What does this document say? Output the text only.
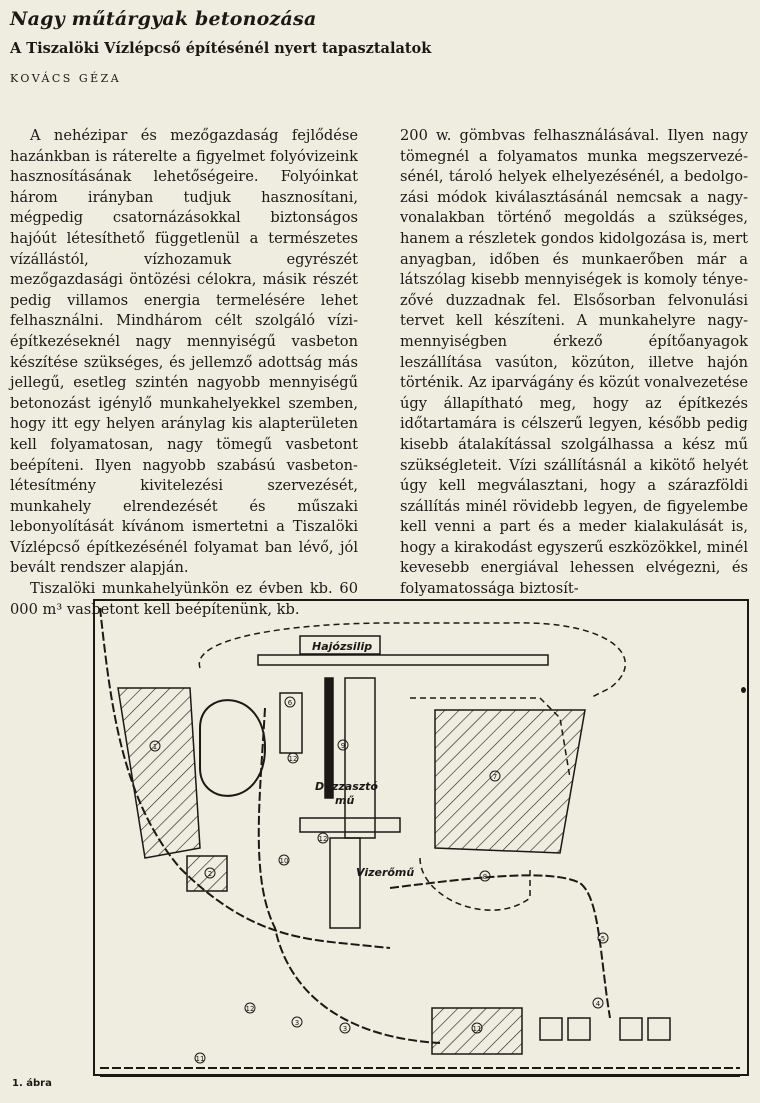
Nagy műtárgyak betonozása
A Tiszalöki Vízlépcső építésénél nyert tapasztalatok

KOVÁCS GÉZA

A nehézipar és mezőgazdaság fejlődése hazánkban is ráterelte a figyelmet folyóvizeink hasznosításának lehetőségeire. Folyóinkat három irányban tudjuk hasznosítani, mégpedig csatornázásokkal biztonságos hajóút létesíthető függetlenül a természetes vízállástól, vízhozamuk egyrészét mezőgazdasági öntözési célokra, másik részét pedig villamos energia termelésére lehet felhasználni. Mindhárom célt szolgáló víziépítkezéseknél nagy mennyiségű vasbeton készítése szükséges, és jellemző adottság más jellegű, esetleg szintén nagyobb mennyiségű betonozást igénylő munkahelyekkel szemben, hogy itt egy helyen aránylag kis alapterületen kell folyamatosan, nagy tömegű vasbetont beépíteni. Ilyen nagyobb szabású vasbeton-létesítmény kivitelezési szervezését, munkahely elrendezését és műszaki lebonyolítását kívánom ismertetni a Tiszalöki Vízlépcső építkezésénél folyamat ban lévő, jól bevált rendszer alapján.

Tiszalöki munkahelyünkön ez évben kb. 60 000 m³ vasbetont kell beépítenünk, kb.

200 w. gömbvas felhasználásával. Ilyen nagy tömegnél a folyamatos munka megszervezésénél, tároló helyek elhelyezésénél, a bedolgozási módok kiválasztásánál nemcsak a nagyvonalakban történő megoldás a szükséges, hanem a részletek gondos kidolgozása is, mert anyagban, időben és munkaerőben már a látszólag kisebb mennyiségek is komoly tényezővé duzzadnak fel. Elsősorban felvonulási tervet kell készíteni. A munkahelyre nagymennyiségben érkező építőanyagok leszállítása vasúton, közúton, illetve hajón történik. Az iparvágány és közút vonalvezetése úgy állapítható meg, hogy az építkezés időtartamára is célszerű legyen, később pedig kisebb átalakítással szolgálhassa a kész mű szükségleteit. Vízi szállításnál a kikötő helyét úgy kell megválasztani, hogy a szárazföldi szállítás minél rövidebb legyen, de figyelembe kell venni a part és a meder kialakulását is, hogy a kirakodást egyszerű eszközökkel, minél kevesebb energiával lehessen elvégezni, és folyamatossága biztosít-

Hajózsilip
Duzzasztó
mű
Vizerőmű
1
2
3
3
4
6
7
8
9
10
11
11
5
12
12
12

1. ábra
